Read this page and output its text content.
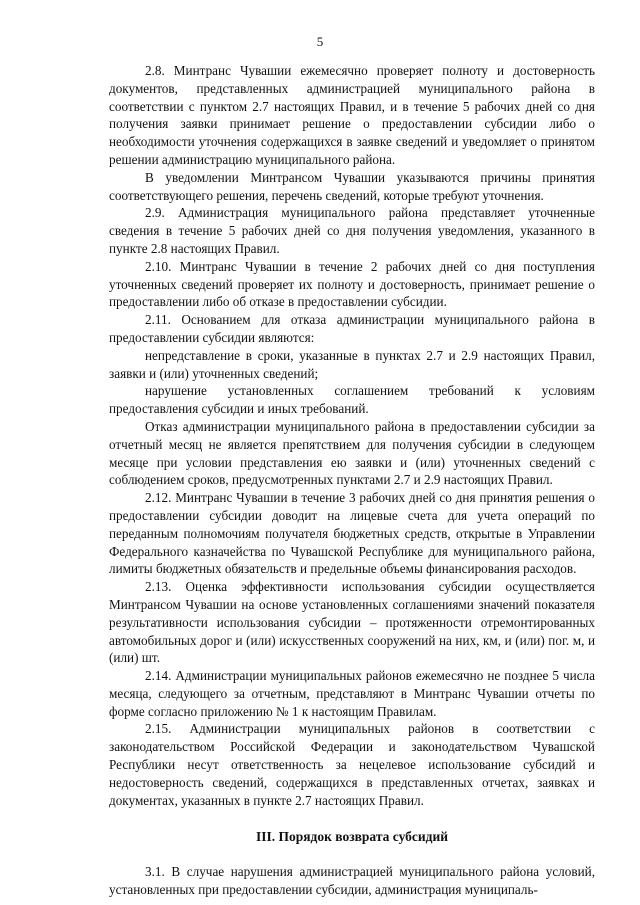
5

2.8. Минтранс Чувашии ежемесячно проверяет полноту и достоверность документов, представленных администрацией муниципального района в соответствии с пунктом 2.7 настоящих Правил, и в течение 5 рабочих дней со дня получения заявки принимает решение о предоставлении субсидии либо о необходимости уточнения содержащихся в заявке сведений и уведомляет о принятом решении администрацию муниципального района.

В уведомлении Минтрансом Чувашии указываются причины принятия соответствующего решения, перечень сведений, которые требуют уточнения.

2.9. Администрация муниципального района представляет уточненные сведения в течение 5 рабочих дней со дня получения уведомления, указанного в пункте 2.8 настоящих Правил.

2.10. Минтранс Чувашии в течение 2 рабочих дней со дня поступления уточненных сведений проверяет их полноту и достоверность, принимает решение о предоставлении либо об отказе в предоставлении субсидии.

2.11. Основанием для отказа администрации муниципального района в предоставлении субсидии являются:

непредставление в сроки, указанные в пунктах 2.7 и 2.9 настоящих Правил, заявки и (или) уточненных сведений;

нарушение установленных соглашением требований к условиям предоставления субсидии и иных требований.

Отказ администрации муниципального района в предоставлении субсидии за отчетный месяц не является препятствием для получения субсидии в следующем месяце при условии представления ею заявки и (или) уточненных сведений с соблюдением сроков, предусмотренных пунктами 2.7 и 2.9 настоящих Правил.

2.12. Минтранс Чувашии в течение 3 рабочих дней со дня принятия решения о предоставлении субсидии доводит на лицевые счета для учета операций по переданным полномочиям получателя бюджетных средств, открытые в Управлении Федерального казначейства по Чувашской Республике для муниципального района, лимиты бюджетных обязательств и предельные объемы финансирования расходов.

2.13. Оценка эффективности использования субсидии осуществляется Минтрансом Чувашии на основе установленных соглашениями значений показателя результативности использования субсидии – протяженности отремонтированных автомобильных дорог и (или) искусственных сооружений на них, км, и (или) пог. м, и (или) шт.

2.14. Администрации муниципальных районов ежемесячно не позднее 5 числа месяца, следующего за отчетным, представляют в Минтранс Чувашии отчеты по форме согласно приложению № 1 к настоящим Правилам.

2.15. Администрации муниципальных районов в соответствии с законодательством Российской Федерации и законодательством Чувашской Республики несут ответственность за нецелевое использование субсидий и недостоверность сведений, содержащихся в представленных отчетах, заявках и документах, указанных в пункте 2.7 настоящих Правил.

III. Порядок возврата субсидий

3.1. В случае нарушения администрацией муниципального района условий, установленных при предоставлении субсидии, администрация муниципаль-
